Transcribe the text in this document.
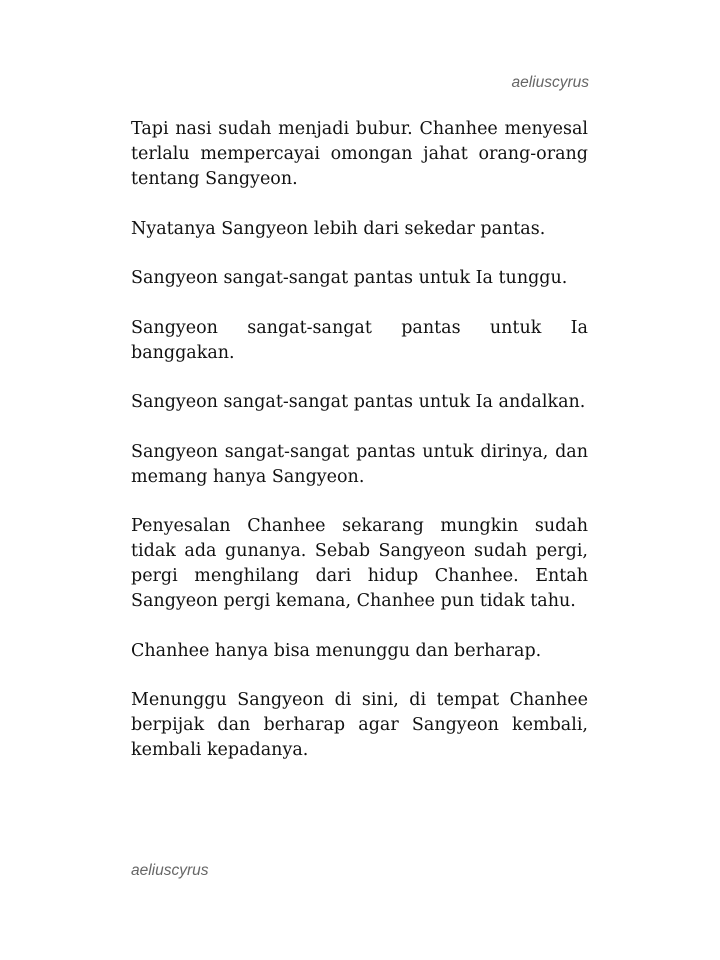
aeliuscyrus

Tapi nasi sudah menjadi bubur. Chanhee menyesal terlalu mempercayai omongan jahat orang-orang tentang Sangyeon.

Nyatanya Sangyeon lebih dari sekedar pantas.

Sangyeon sangat-sangat pantas untuk Ia tunggu.

Sangyeon sangat-sangat pantas untuk Ia banggakan.

Sangyeon sangat-sangat pantas untuk Ia andalkan.

Sangyeon sangat-sangat pantas untuk dirinya, dan memang hanya Sangyeon.

Penyesalan Chanhee sekarang mungkin sudah tidak ada gunanya. Sebab Sangyeon sudah pergi, pergi menghilang dari hidup Chanhee. Entah Sangyeon pergi kemana, Chanhee pun tidak tahu.

Chanhee hanya bisa menunggu dan berharap.

Menunggu Sangyeon di sini, di tempat Chanhee berpijak dan berharap agar Sangyeon kembali, kembali kepadanya.

aeliuscyrus
